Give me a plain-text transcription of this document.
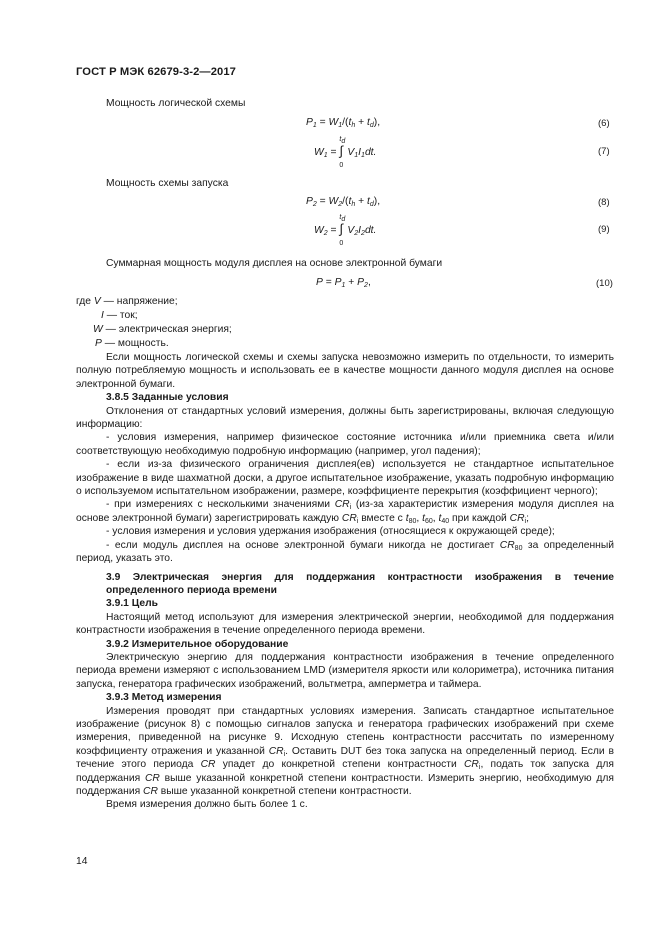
ГОСТ Р МЭК 62679-3-2—2017
Мощность логической схемы
$P_1 = W_1/(t_h + t_d)$,	(6)
$W_1$ =
$t_d$
∫
0
$V_1I_1dt$.	(7)
Мощность схемы запуска
$P_2 = W_2/(t_h + t_d)$,	(8)
$W_2$ =
$t_d$
∫
0
$V_2I_2dt$.	(9)
Суммарная мощность модуля дисплея на основе электронной бумаги
$P = P_1 + P_2$,	(10)
где V — напряжение;
I — ток;
W — электрическая энергия;
P — мощность.

Если мощность логической схемы и схемы запуска невозможно измерить по отдельности, то измерить полную потребляемую мощность и использовать ее в качестве мощности данного модуля дисплея на основе электронной бумаги.

3.8.5 Заданные условия

Отклонения от стандартных условий измерения, должны быть зарегистрированы, включая следующую информацию:

- условия измерения, например физическое состояние источника и/или приемника света и/или соответствующую необходимую подробную информацию (например, угол падения);

- если из-за физического ограничения дисплея(ев) используется не стандартное испытательное изображение в виде шахматной доски, а другое испытательное изображение, указать подробную информацию о используемом испытательном изображении, размере, коэффициенте перекрытия (коэффициент черного);

- при измерениях с несколькими значениями $CR_i$ (из-за характеристик измерения модуля дисплея на основе электронной бумаги) зарегистрировать каждую $CR_i$ вместе с $t_{80}$, $t_{60}$, $t_{40}$ при каждой $CR_i$;

- условия измерения и условия удержания изображения (относящиеся к окружающей среде);

- если модуль дисплея на основе электронной бумаги никогда не достигает $CR_{80}$ за определенный период, указать это.

3.9 Электрическая энергия для поддержания контрастности изображения в течение определенного периода времени

3.9.1 Цель

Настоящий метод используют для измерения электрической энергии, необходимой для поддержания контрастности изображения в течение определенного периода времени.

3.9.2 Измерительное оборудование

Электрическую энергию для поддержания контрастности изображения в течение определенного периода времени измеряют с использованием LMD (измерителя яркости или колориметра), источника питания запуска, генератора графических изображений, вольтметра, амперметра и таймера.

3.9.3 Метод измерения

Измерения проводят при стандартных условиях измерения. Записать стандартное испытательное изображение (рисунок 8) с помощью сигналов запуска и генератора графических изображений при схеме измерения, приведенной на рисунке 9. Исходную степень контрастности рассчитать по измеренному коэффициенту отражения и указанной $CR_i$. Оставить DUT без тока запуска на определенный период. Если в течение этого периода CR упадет до конкретной степени контрастности $CR_i$, подать ток запуска для поддержания CR выше указанной конкретной степени контрастности. Измерить энергию, необходимую для поддержания CR выше указанной конкретной степени контрастности.

Время измерения должно быть более 1 с.

14
